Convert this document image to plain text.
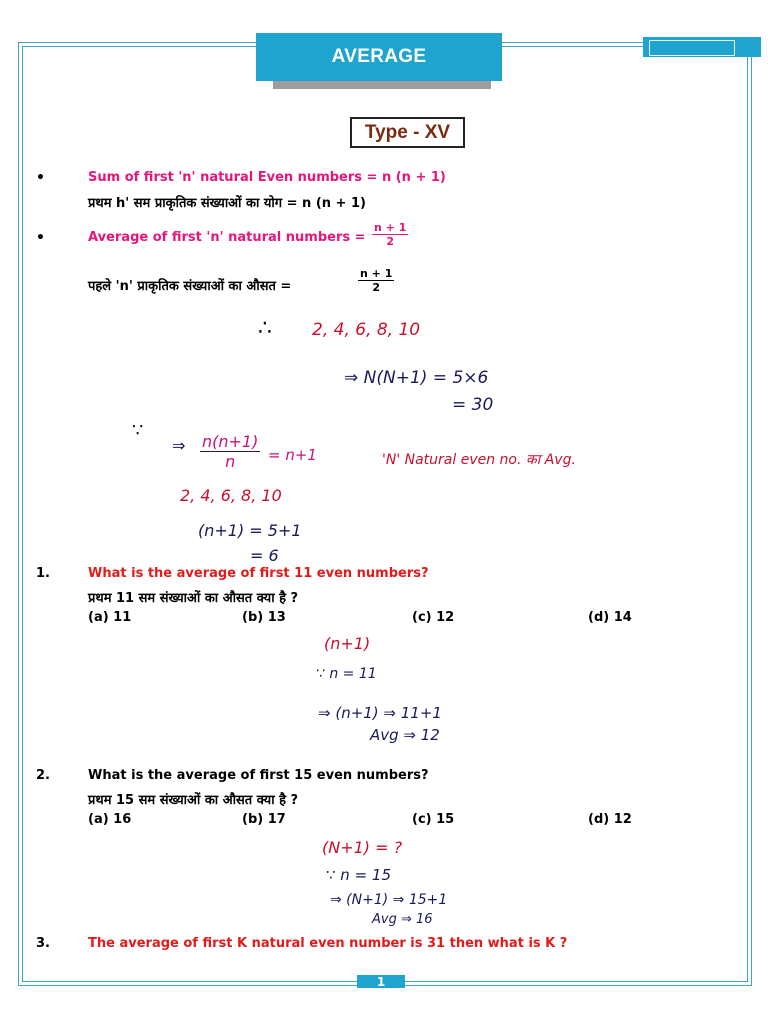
AVERAGE
Type - XV
•	Sum of first 'n' natural Even numbers = n (n + 1)
प्रथम h' सम प्राकृतिक संख्याओं का योग = n (n + 1)
•	Average of first 'n' natural numbers = $\frac{n + 1}{2}$
पहले 'n' प्राकृतिक संख्याओं का औसत =	$\frac{n + 1}{2}$
∴ 2, 4, 6, 8, 10
⇒ N(N+1) = 5×6
= 30
∵
⇒ $\frac{n(n+1)}{n} = n+1$	'N' Natural even no. का Avg.
2, 4, 6, 8, 10
(n+1) = 5+1
= 6
1.	What is the average of first 11 even numbers?
प्रथम 11 सम संख्याओं का औसत क्या है ?
(a) 11	(b) 13	(c) 12	(d) 14
(n+1)
∵ n = 11
⇒ (n+1) ⇒ 11+1
Avg ⇒ 12
2.	What is the average of first 15 even numbers?
प्रथम 15 सम संख्याओं का औसत क्या है ?
(a) 16	(b) 17	(c) 15	(d) 12
(N+1) = ?
∵ n = 15
⇒ (N+1) ⇒ 15+1
Avg ⇒ 16
3.	The average of first K natural even number is 31 then what is K ?
1
